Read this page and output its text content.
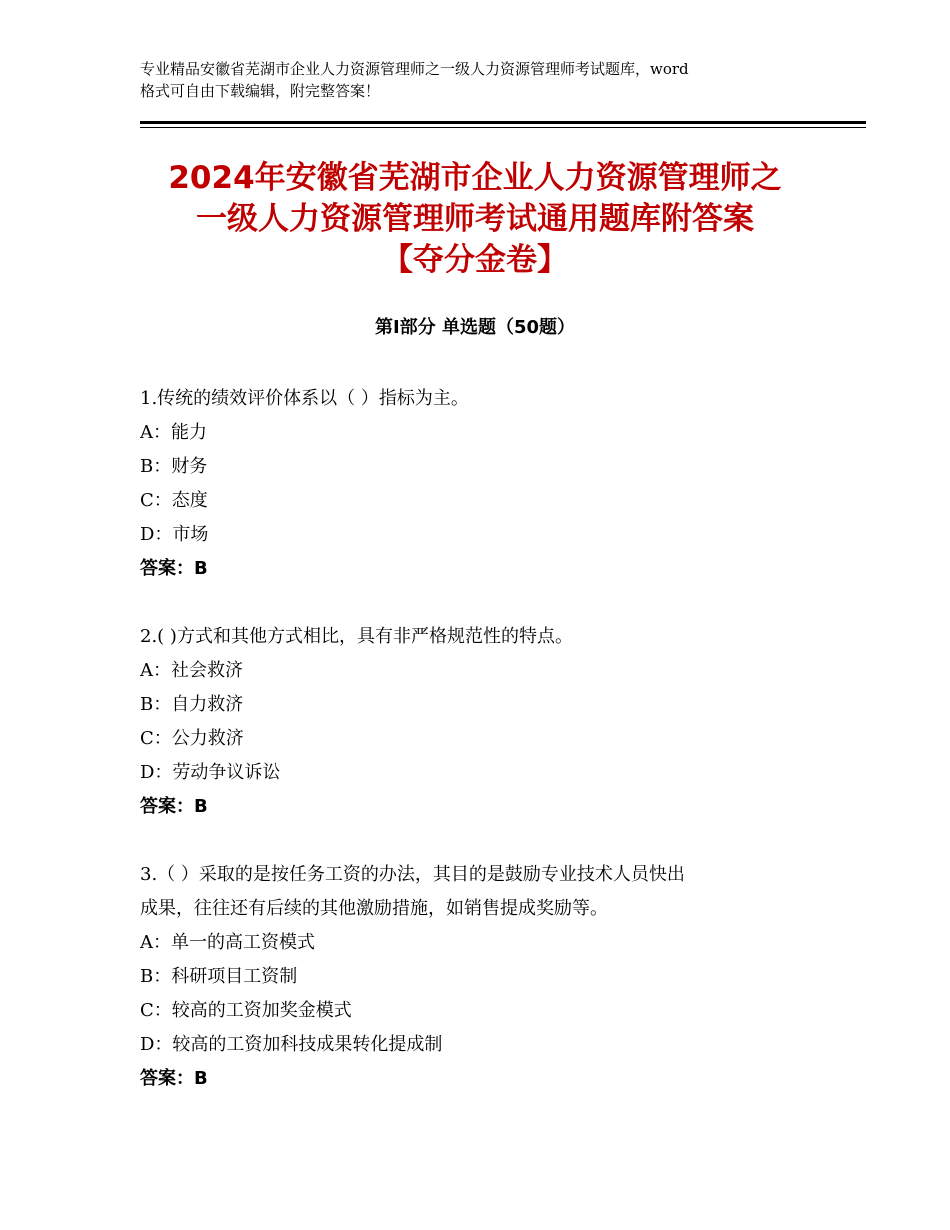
专业精品安徽省芜湖市企业人力资源管理师之一级人力资源管理师考试题库，word
格式可自由下载编辑，附完整答案！
2024年安徽省芜湖市企业人力资源管理师之
一级人力资源管理师考试通用题库附答案
【夺分金卷】
第Ⅰ部分 单选题（50题）
1.传统的绩效评价体系以（ ）指标为主。
A：能力
B：财务
C：态度
D：市场
答案：B
2.( )方式和其他方式相比，具有非严格规范性的特点。
A：社会救济
B：自力救济
C：公力救济
D：劳动争议诉讼
答案：B
3.（ ）采取的是按任务工资的办法，其目的是鼓励专业技术人员快出
成果，往往还有后续的其他激励措施，如销售提成奖励等。
A：单一的高工资模式
B：科研项目工资制
C：较高的工资加奖金模式
D：较高的工资加科技成果转化提成制
答案：B
